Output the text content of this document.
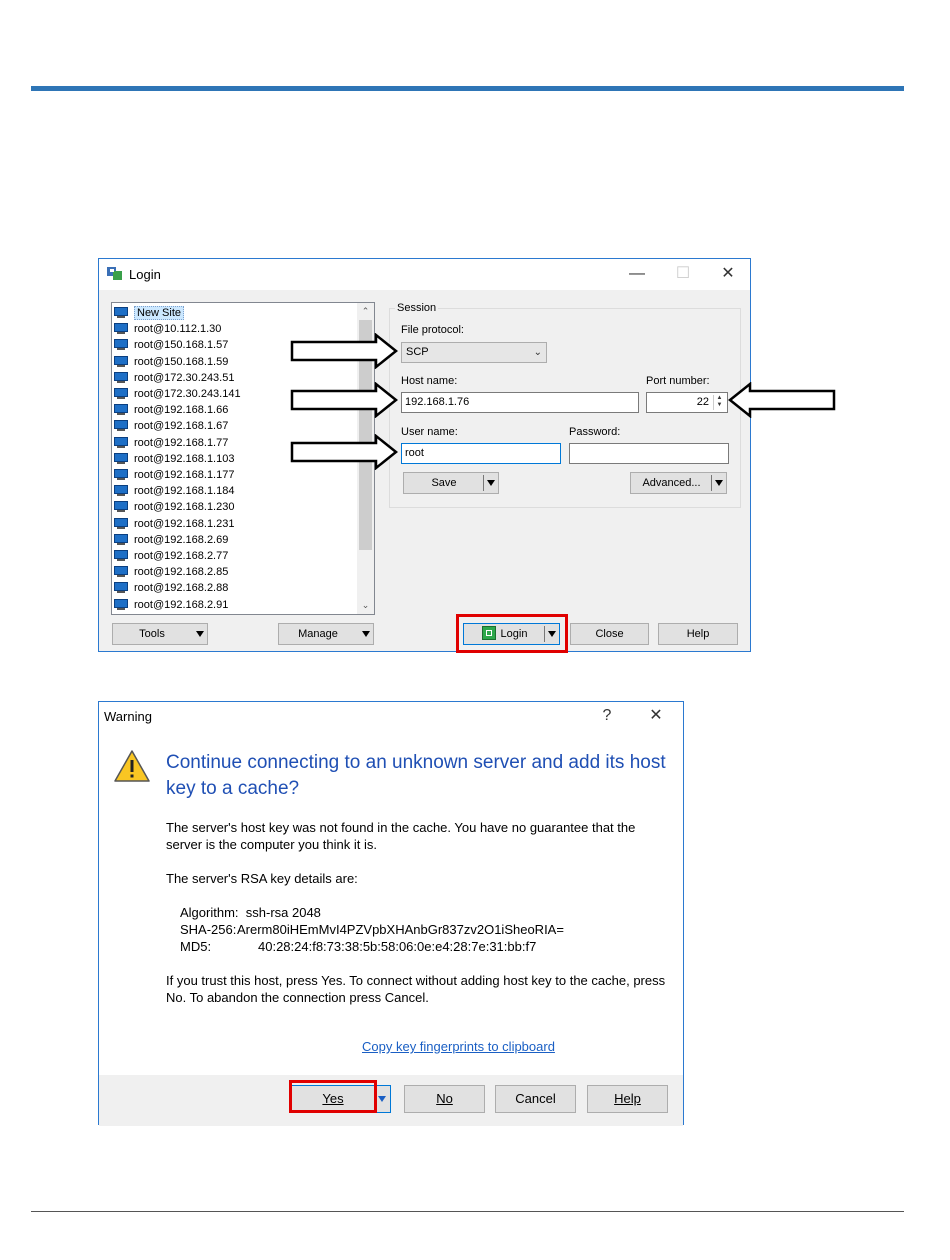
Login	— ☐ ✕
New Site
root@10.112.1.30
root@150.168.1.57
root@150.168.1.59
root@172.30.243.51
root@172.30.243.141
root@192.168.1.66
root@192.168.1.67
root@192.168.1.77
root@192.168.1.103
root@192.168.1.177
root@192.168.1.184
root@192.168.1.230
root@192.168.1.231
root@192.168.2.69
root@192.168.2.77
root@192.168.2.85
root@192.168.2.88
root@192.168.2.91
⌃
⌄
Session
File protocol:
SCP	⌄
Host name:
192.168.1.76
Port number:
22	▲
▼
User name:
root
Password:
Save	Advanced...
Tools	Manage	Login	Close	Help
Warning	?	✕
Continue connecting to an unknown server and add its host key to a cache?
The server's host key was not found in the cache. You have no guarantee that the server is the computer you think it is.
The server's RSA key details are:
Algorithm: ssh-rsa 2048
SHA-256:Arerm80iHEmMvI4PZVpbXHAnbGr837zv2O1iSheoRIA=
MD5:	40:28:24:f8:73:38:5b:58:06:0e:e4:28:7e:31:bb:f7
If you trust this host, press Yes. To connect without adding host key to the cache, press No. To abandon the connection press Cancel.
Copy key fingerprints to clipboard
Yes	No	Cancel	Help
